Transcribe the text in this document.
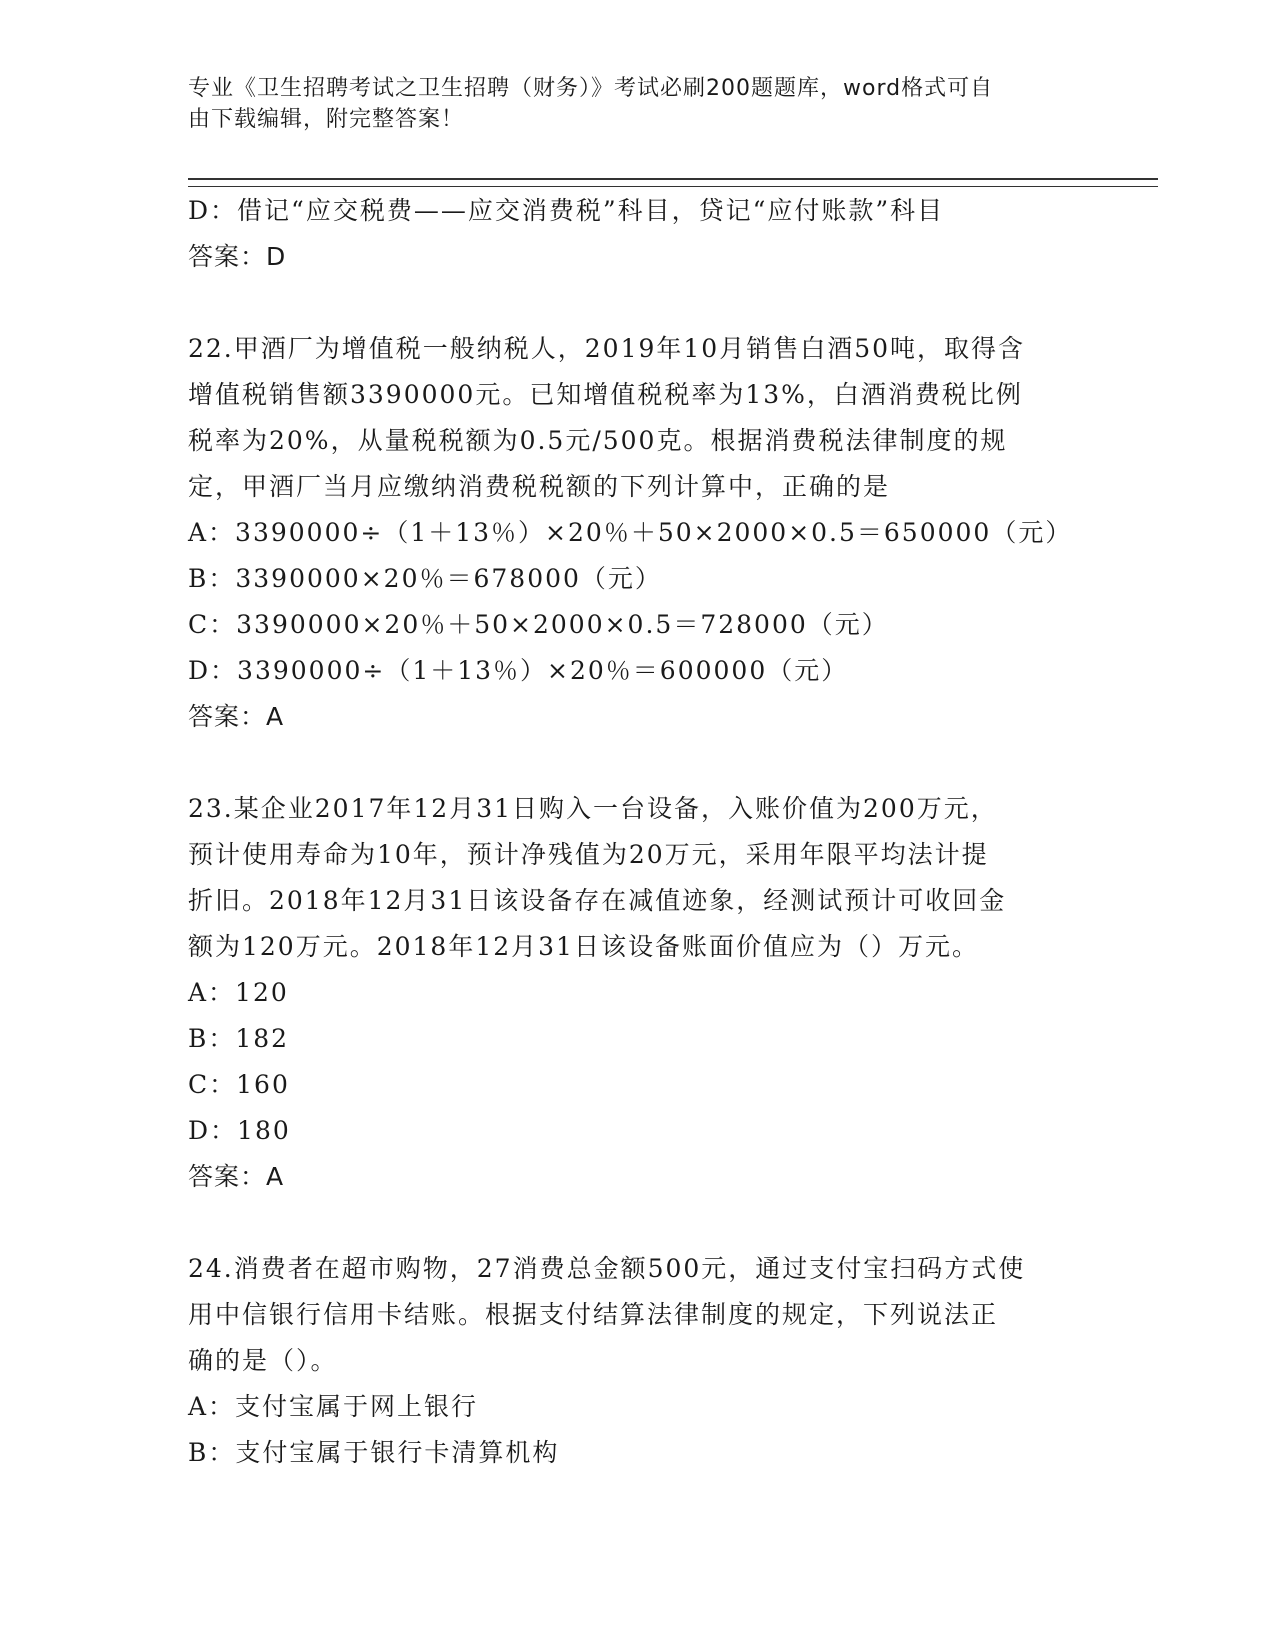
专业《卫生招聘考试之卫生招聘（财务）》考试必刷200题题库，word格式可自
由下载编辑，附完整答案！
D：借记“应交税费——应交消费税”科目，贷记“应付账款”科目
答案：D
22.甲酒厂为增值税一般纳税人，2019年10月销售白酒50吨，取得含
增值税销售额3390000元。已知增值税税率为13%，白酒消费税比例
税率为20%，从量税税额为0.5元/500克。根据消费税法律制度的规
定，甲酒厂当月应缴纳消费税税额的下列计算中，正确的是
A：3390000÷（1＋13％）×20％＋50×2000×0.5＝650000（元）
B：3390000×20％＝678000（元）
C：3390000×20％＋50×2000×0.5＝728000（元）
D：3390000÷（1＋13％）×20％＝600000（元）
答案：A
23.某企业2017年12月31日购入一台设备，入账价值为200万元，
预计使用寿命为10年，预计净残值为20万元，采用年限平均法计提
折旧。2018年12月31日该设备存在减值迹象，经测试预计可收回金
额为120万元。2018年12月31日该设备账面价值应为（）万元。
A：120
B：182
C：160
D：180
答案：A
24.消费者在超市购物，27消费总金额500元，通过支付宝扫码方式使
用中信银行信用卡结账。根据支付结算法律制度的规定，下列说法正
确的是（）。
A：支付宝属于网上银行
B：支付宝属于银行卡清算机构
